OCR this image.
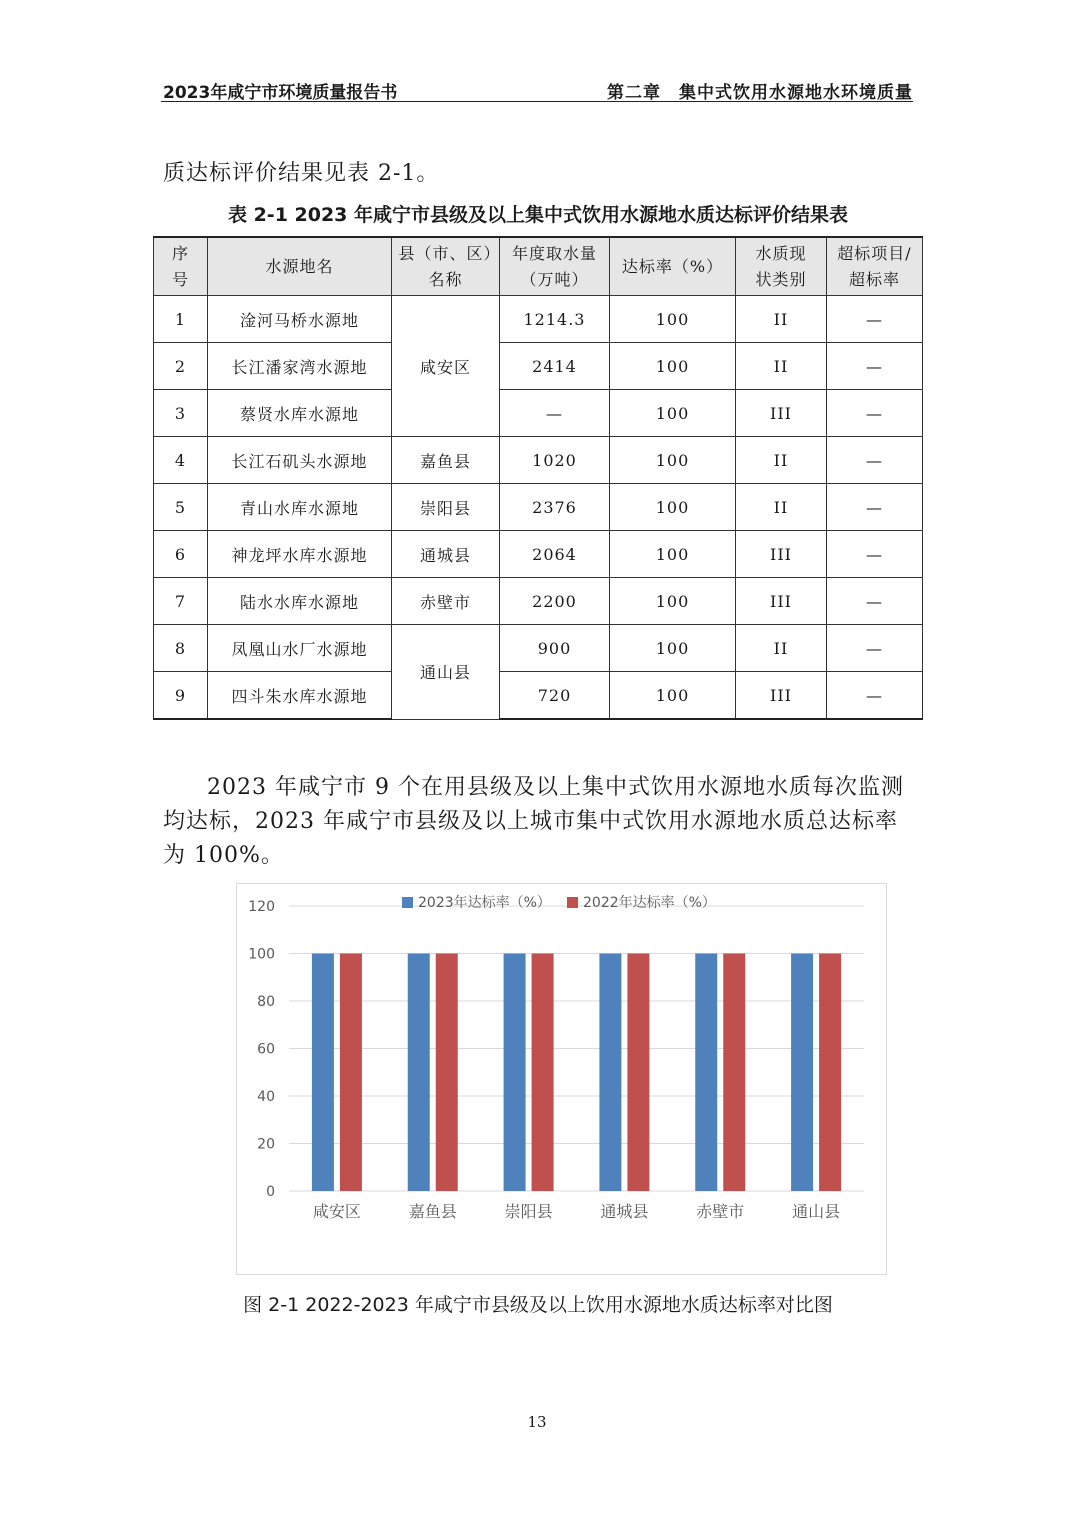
2023年咸宁市环境质量报告书	第二章　集中式饮用水源地水环境质量
质达标评价结果见表 2-1。
表 2-1 2023 年咸宁市县级及以上集中式饮用水源地水质达标评价结果表
序号	水源地名	县（市、区）名称	年度取水量（万吨）	达标率（%）	水质现状类别	超标项目/超标率
1	淦河马桥水源地	咸安区	1214.3	100	II	—
2	长江潘家湾水源地		2414	100	II	—
3	蔡贤水库水源地		—	100	III	—
4	长江石矶头水源地	嘉鱼县	1020	100	II	—
5	青山水库水源地	崇阳县	2376	100	II	—
6	神龙坪水库水源地	通城县	2064	100	III	—
7	陆水水库水源地	赤壁市	2200	100	III	—
8	凤凰山水厂水源地	通山县	900	100	II	—
9	四斗朱水库水源地		720	100	III	—
2023 年咸宁市 9 个在用县级及以上集中式饮用水源地水质每次监测均达标，2023 年咸宁市县级及以上城市集中式饮用水源地水质总达标率为 100%。
0
20
40
60
80
100
120
咸安区	嘉鱼县	崇阳县	通城县	赤壁市	通山县
2023年达标率（%） 2022年达标率（%）
图 2-1 2022-2023 年咸宁市县级及以上饮用水源地水质达标率对比图
13
